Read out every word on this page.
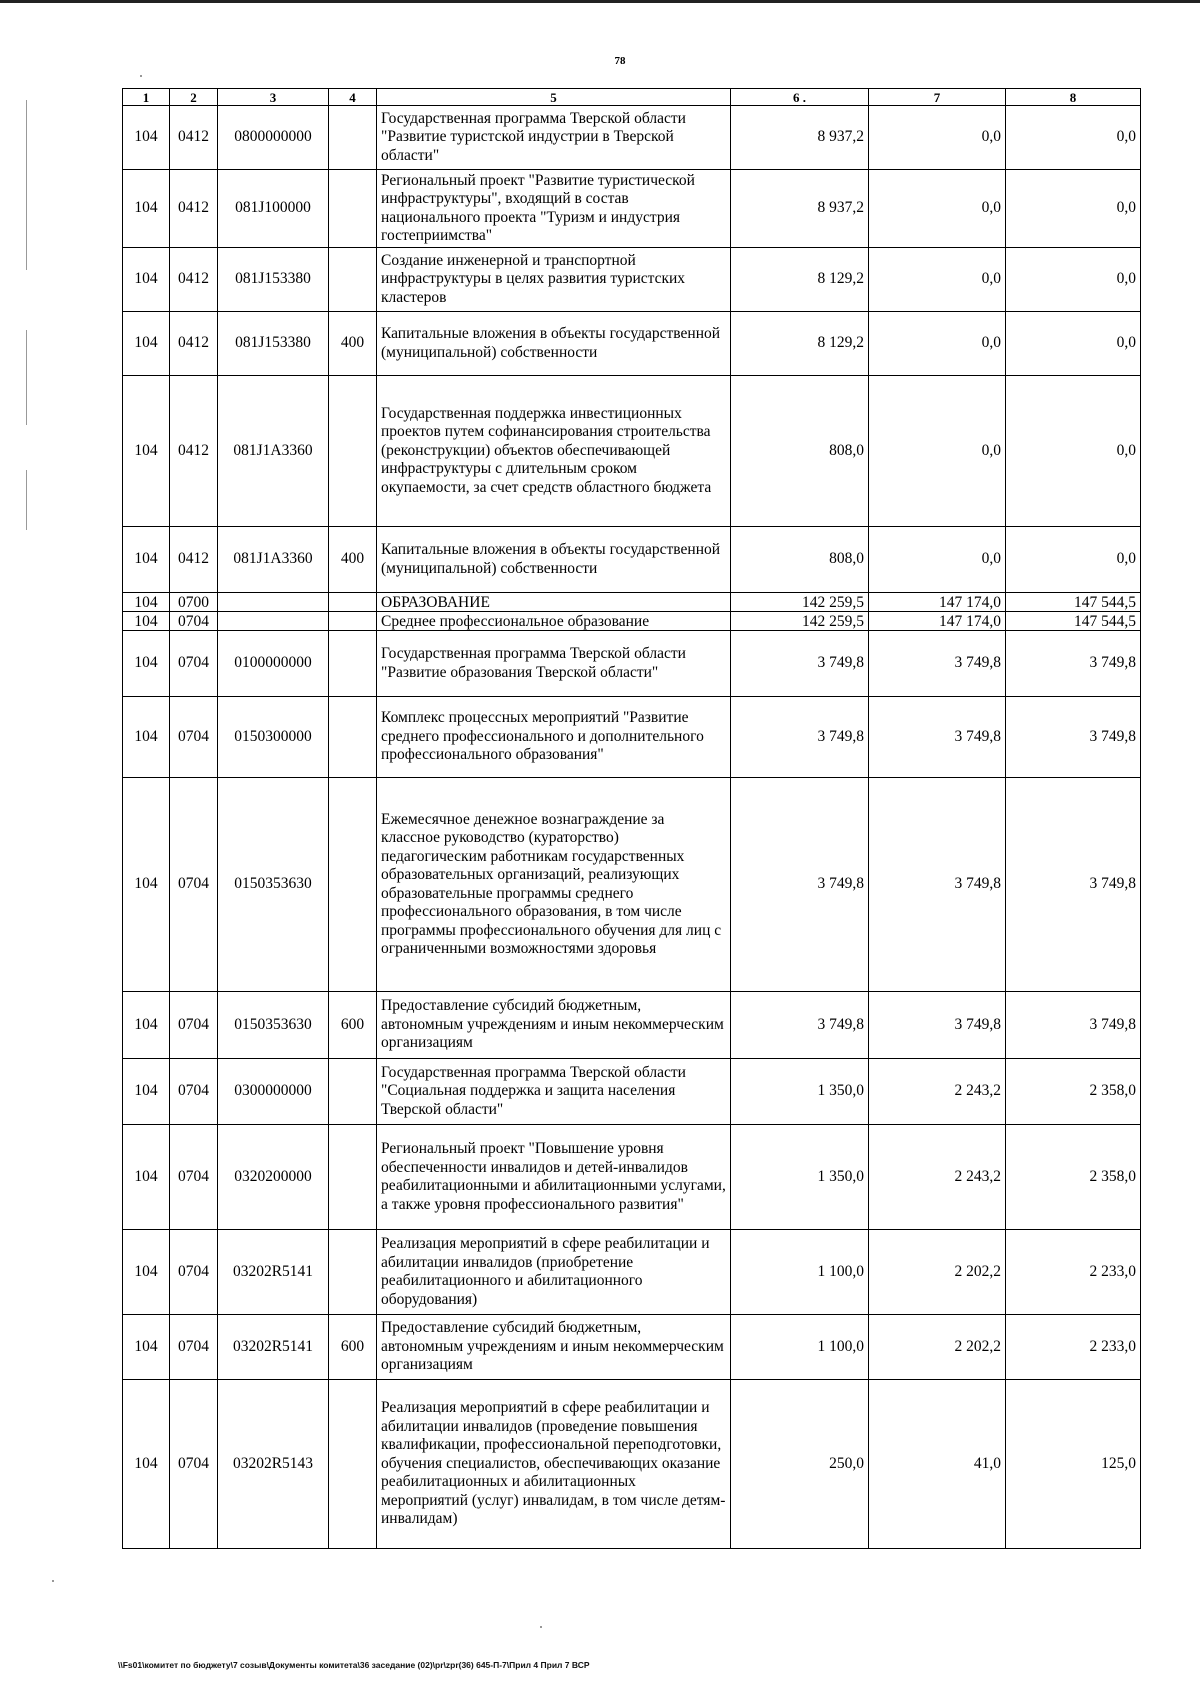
78
1	2	3	4	5	6 .	7	8
104	0412	0800000000		Государственная программа Тверской области "Развитие туристской индустрии в Тверской области"	8 937,2	0,0	0,0
104	0412	081J100000		Региональный проект "Развитие туристической инфраструктуры", входящий в состав национального проекта "Туризм и индустрия гостеприимства"	8 937,2	0,0	0,0
104	0412	081J153380		Создание инженерной и транспортной инфраструктуры в целях развития туристских кластеров	8 129,2	0,0	0,0
104	0412	081J153380	400	Капитальные вложения в объекты государственной (муниципальной) собственности	8 129,2	0,0	0,0
104	0412	081J1A3360		Государственная поддержка инвестиционных проектов путем софинансирования строительства (реконструкции) объектов обеспечивающей инфраструктуры с длительным сроком окупаемости, за счет средств областного бюджета	808,0	0,0	0,0
104	0412	081J1A3360	400	Капитальные вложения в объекты государственной (муниципальной) собственности	808,0	0,0	0,0
104	0700			ОБРАЗОВАНИЕ	142 259,5	147 174,0	147 544,5
104	0704			Среднее профессиональное образование	142 259,5	147 174,0	147 544,5
104	0704	0100000000		Государственная программа Тверской области "Развитие образования Тверской области"	3 749,8	3 749,8	3 749,8
104	0704	0150300000		Комплекс процессных мероприятий "Развитие среднего профессионального и дополнительного профессионального образования"	3 749,8	3 749,8	3 749,8
104	0704	0150353630		Ежемесячное денежное вознаграждение за классное руководство (кураторство) педагогическим работникам государственных образовательных организаций, реализующих образовательные программы среднего профессионального образования, в том числе программы профессионального обучения для лиц с ограниченными возможностями здоровья	3 749,8	3 749,8	3 749,8
104	0704	0150353630	600	Предоставление субсидий бюджетным, автономным учреждениям и иным некоммерческим организациям	3 749,8	3 749,8	3 749,8
104	0704	0300000000		Государственная программа Тверской области "Социальная поддержка и защита населения Тверской области"	1 350,0	2 243,2	2 358,0
104	0704	0320200000		Региональный проект "Повышение уровня обеспеченности инвалидов и детей-инвалидов реабилитационными и абилитационными услугами, а также уровня профессионального развития"	1 350,0	2 243,2	2 358,0
104	0704	03202R5141		Реализация мероприятий в сфере реабилитации и абилитации инвалидов (приобретение реабилитационного и абилитационного оборудования)	1 100,0	2 202,2	2 233,0
104	0704	03202R5141	600	Предоставление субсидий бюджетным, автономным учреждениям и иным некоммерческим организациям	1 100,0	2 202,2	2 233,0
104	0704	03202R5143		Реализация мероприятий в сфере реабилитации и абилитации инвалидов (проведение повышения квалификации, профессиональной переподготовки, обучения специалистов, обеспечивающих оказание реабилитационных и абилитационных мероприятий (услуг) инвалидам, в том числе детям-инвалидам)	250,0	41,0	125,0
\\Fs01\комитет по бюджету\7 созыв\Документы комитета\36 заседание (02)\pr\zpr(36) 645-П-7\Прил 4 Прил 7 ВСР
